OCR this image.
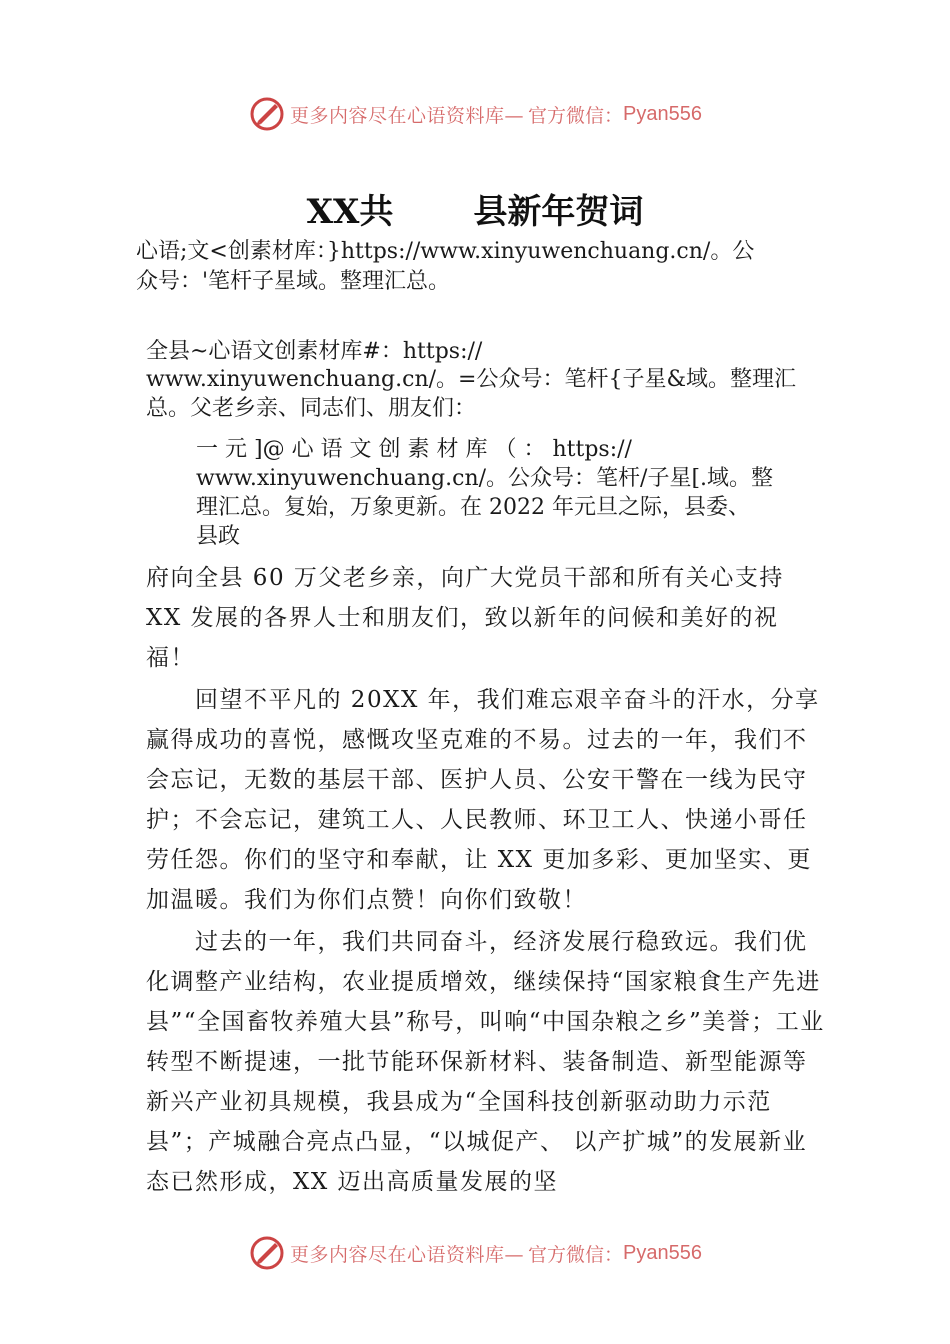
更多内容尽在心语资料库— 官方微信： Pyan556
XX共 县新年贺词
心语;文<创素材库：}https://www.xinyuwenchuang.cn/。公
众号：'笔杆子星域。整理汇总。
全县~心语文创素材库#：https://
www.xinyuwenchuang.cn/。=公众号：笔杆{子星&域。整理汇
总。父老乡亲、同志们、朋友们：
一 元 ]@ 心 语 文 创 素 材 库 （ ： https://
www.xinyuwenchuang.cn/。公众号：笔杆/子星[.域。整
理汇总。复始，万象更新。在 2022 年元旦之际，县委、
县政
府向全县 60 万父老乡亲，向广大党员干部和所有关心支持 XX 发展的各界人士和朋友们，致以新年的问候和美好的祝福！
　　回望不平凡的 20XX 年，我们难忘艰辛奋斗的汗水，分享赢得成功的喜悦，感慨攻坚克难的不易。过去的一年，我们不会忘记，无数的基层干部、医护人员、公安干警在一线为民守护；不会忘记，建筑工人、人民教师、环卫工人、快递小哥任劳任怨。你们的坚守和奉献，让 XX 更加多彩、更加坚实、更加温暖。我们为你们点赞！向你们致敬！
　　过去的一年，我们共同奋斗，经济发展行稳致远。我们优化调整产业结构，农业提质增效，继续保持“国家粮食生产先进县”“全国畜牧养殖大县”称号，叫响“中国杂粮之乡”美誉；工业转型不断提速，一批节能环保新材料、装备制造、新型能源等新兴产业初具规模，我县成为“全国科技创新驱动助力示范县”；产城融合亮点凸显，“以城促产、 以产扩城”的发展新业态已然形成，XX 迈出高质量发展的坚
更多内容尽在心语资料库— 官方微信： Pyan556
